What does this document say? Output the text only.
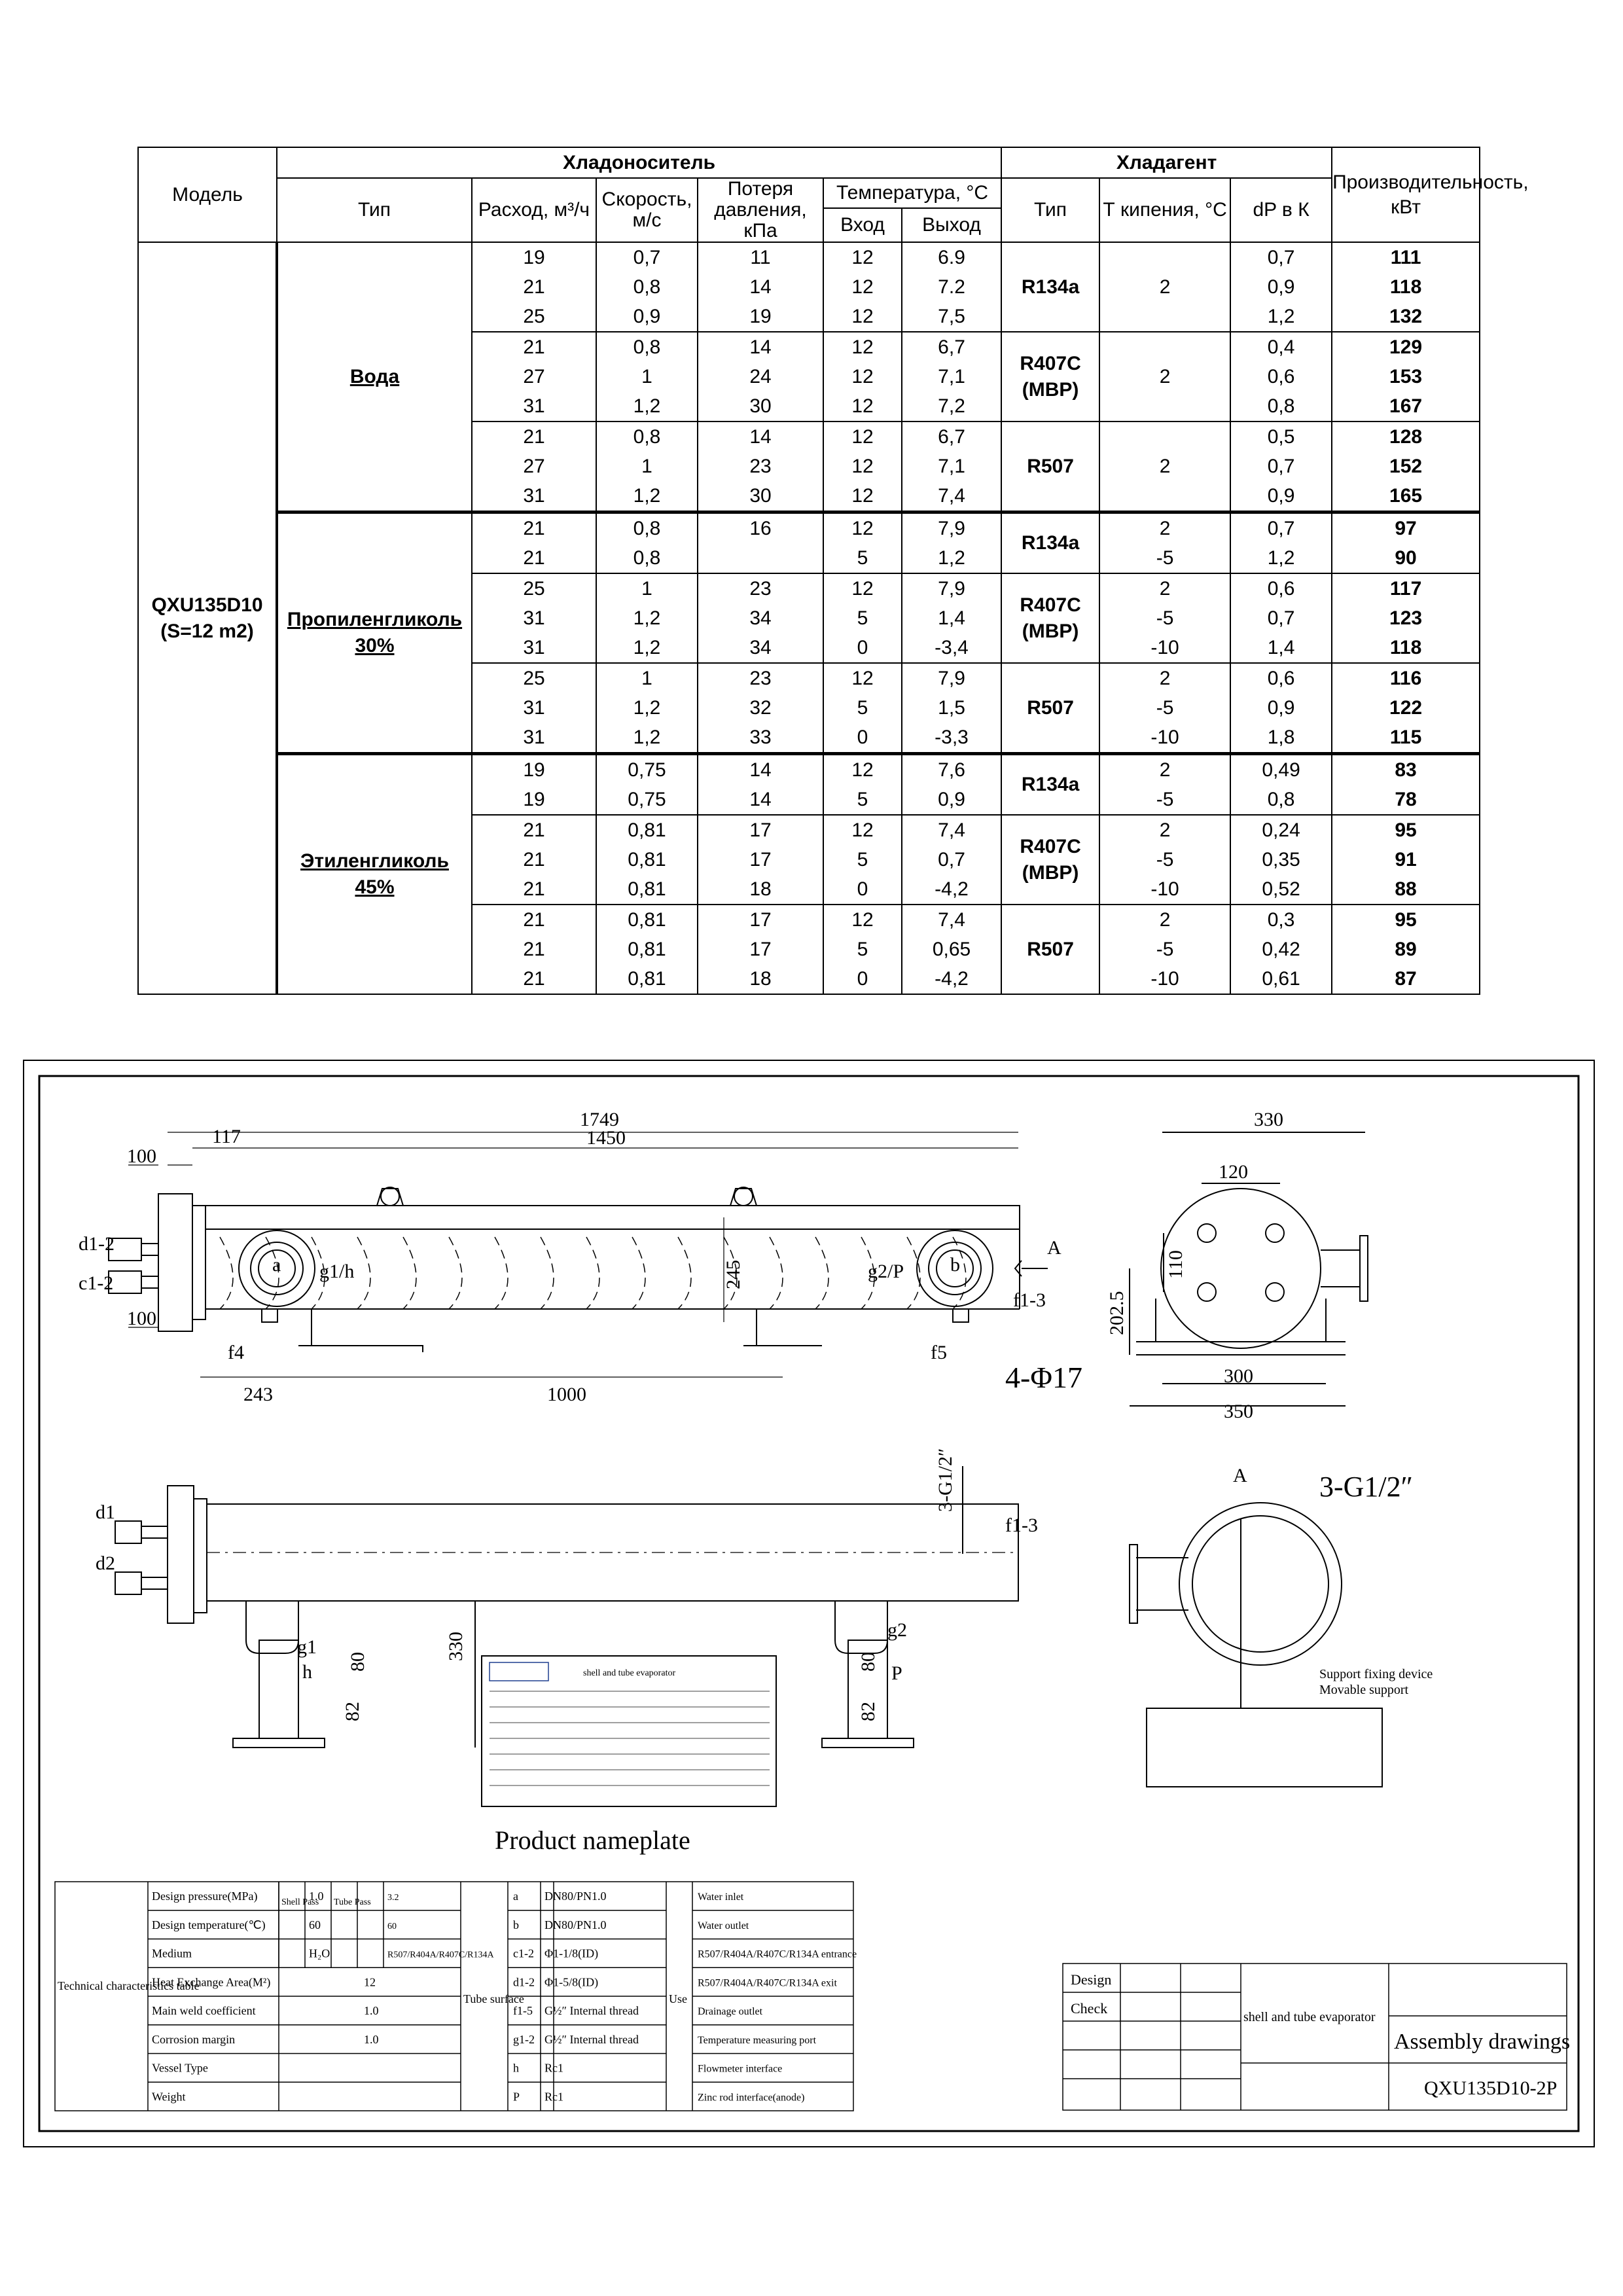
Модель	Хладоноситель						Хладагент			Производительность, кВт
	Тип	Расход, м³/ч	Скорость, м/с	Потеря давления, кПа	Температура, °С		Тип	Т кипения, °С	dP в К	
					Вход	Выход				
QXU135D10 (S=12 m2)	Вода	19	0,7	11	12	6.9	R134a	2	0,7	111
		21	0,8	14	12	7.2			0,9	118
		25	0,9	19	12	7,5			1,2	132
		21	0,8	14	12	6,7	R407C (MBP)	2	0,4	129
		27	1	24	12	7,1			0,6	153
		31	1,2	30	12	7,2			0,8	167
		21	0,8	14	12	6,7	R507	2	0,5	128
		27	1	23	12	7,1			0,7	152
		31	1,2	30	12	7,4			0,9	165
	Пропиленгликоль 30%	21	0,8	16	12	7,9	R134a	2	0,7	97
		21	0,8		5	1,2		-5	1,2	90
		25	1	23	12	7,9	R407C (MBP)	2	0,6	117
		31	1,2	34	5	1,4		-5	0,7	123
		31	1,2	34	0	-3,4		-10	1,4	118
		25	1	23	12	7,9	R507	2	0,6	116
		31	1,2	32	5	1,5		-5	0,9	122
		31	1,2	33	0	-3,3		-10	1,8	115
	Этиленгликоль 45%	19	0,75	14	12	7,6	R134a	2	0,49	83
		19	0,75	14	5	0,9		-5	0,8	78
		21	0,81	17	12	7,4	R407C (MBP)	2	0,24	95
		21	0,81	17	5	0,7		-5	0,35	91
		21	0,81	18	0	-4,2		-10	0,52	88
		21	0,81	17	12	7,4	R507	2	0,3	95
		21	0,81	17	5	0,65		-5	0,42	89
		21	0,81	18	0	-4,2		-10	0,61	87
1749
1450
117
100
100
245
243	1000
d1-2
c1-2
f4	f5
a	b
g1/h	g2/P
A
f1-3
330
120
110
202.5
300
350
4-Φ17
d1
d2
g1
h
g2
P
f1-3
330
80
82
80
82
3-G1/2″	A	3-G1/2″
Support fixing device
Movable support
shell and tube evaporator
Product nameplate
Technical characteristics table
Tube surface	Use
Design pressure(MPa)	1.0	3.2
Design temperature(℃)	60	60
Medium	H₂O	R507/R404A/R407C/R134A
Heat Exchange Area(M²)	12
Main weld coefficient	1.0
Corrosion margin	1.0
Vessel Type
Weight
Shell Pass Tube Pass	a DN80/PN1.0	Water inlet
b DN80/PN1.0	Water outlet
c1-2 Φ1-1/8(ID)	R507/R404A/R407C/R134A entrance
d1-2 Φ1-5/8(ID)	R507/R404A/R407C/R134A exit
f1-5 G½″ Internal thread	Drainage outlet
g1-2 G½″ Internal thread	Temperature measuring port
h Rc1	Flowmeter interface
P Rc1	Zinc rod interface(anode)
Design
Check
shell and tube evaporator
Assembly drawings
QXU135D10-2P
